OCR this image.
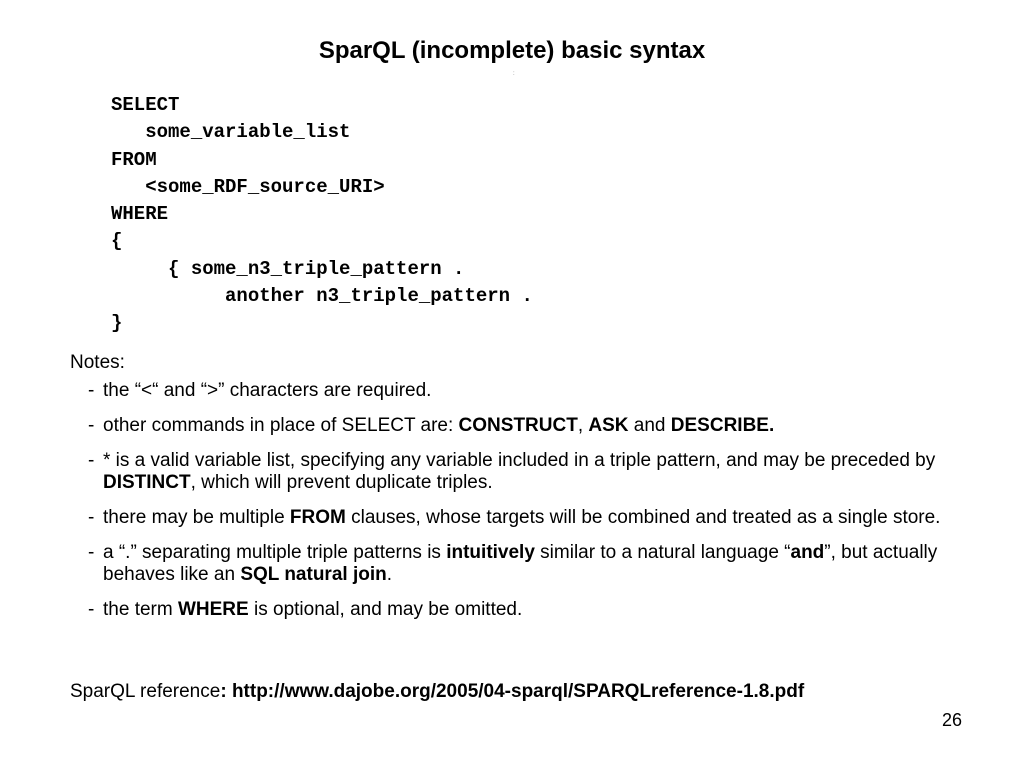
SparQL (incomplete) basic syntax
:
SELECT
some_variable_list
FROM
<some_RDF_source_URI>
WHERE
{
{ some_n3_triple_pattern .
another n3_triple_pattern .
}
Notes:
- the “<“ and “>” characters are required.
- other commands in place of SELECT are: CONSTRUCT, ASK and DESCRIBE.
- * is a valid variable list, specifying any variable included in a triple pattern, and may be preceded by DISTINCT, which will prevent duplicate triples.
- there may be multiple FROM clauses, whose targets will be combined and treated as a single store.
- a “.” separating multiple triple patterns is intuitively similar to a natural language “and”, but actually behaves like an SQL natural join.
- the term WHERE is optional, and may be omitted.
SparQL reference: http://www.dajobe.org/2005/04-sparql/SPARQLreference-1.8.pdf
26
